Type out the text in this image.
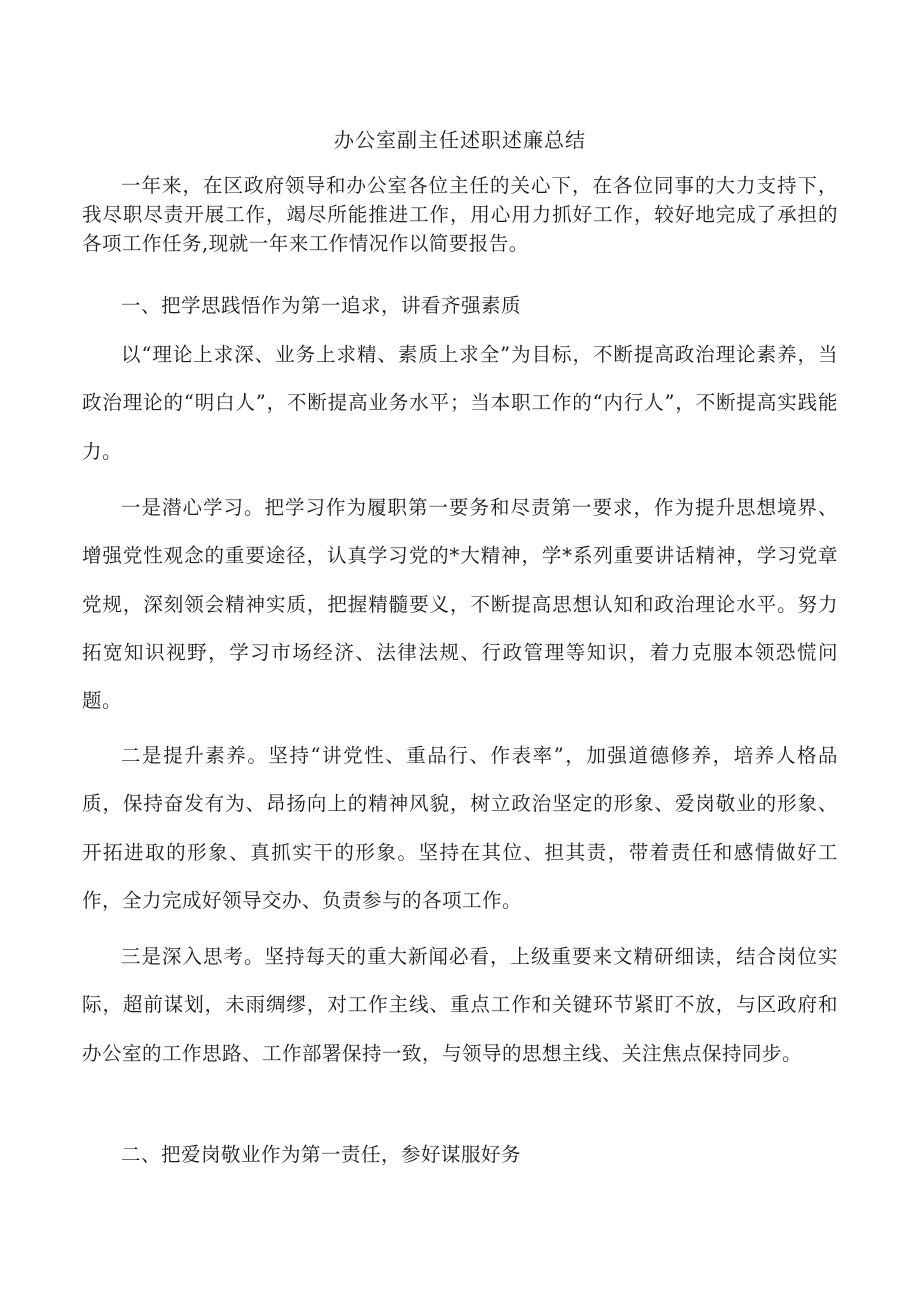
办公室副主任述职述廉总结

一年来，在区政府领导和办公室各位主任的关心下，在各位同事的大力支持下，我尽职尽责开展工作，竭尽所能推进工作，用心用力抓好工作，较好地完成了承担的各项工作任务,现就一年来工作情况作以简要报告。

一、把学思践悟作为第一追求，讲看齐强素质

以“理论上求深、业务上求精、素质上求全”为目标，不断提高政治理论素养，当政治理论的“明白人”，不断提高业务水平；当本职工作的“内行人”，不断提高实践能力。

一是潜心学习。把学习作为履职第一要务和尽责第一要求，作为提升思想境界、增强党性观念的重要途径，认真学习党的*大精神，学*系列重要讲话精神，学习党章党规，深刻领会精神实质，把握精髓要义，不断提高思想认知和政治理论水平。努力拓宽知识视野，学习市场经济、法律法规、行政管理等知识，着力克服本领恐慌问题。

二是提升素养。坚持“讲党性、重品行、作表率”，加强道德修养，培养人格品质，保持奋发有为、昂扬向上的精神风貌，树立政治坚定的形象、爱岗敬业的形象、开拓进取的形象、真抓实干的形象。坚持在其位、担其责，带着责任和感情做好工作，全力完成好领导交办、负责参与的各项工作。

三是深入思考。坚持每天的重大新闻必看，上级重要来文精研细读，结合岗位实际，超前谋划，未雨绸缪，对工作主线、重点工作和关键环节紧盯不放，与区政府和办公室的工作思路、工作部署保持一致，与领导的思想主线、关注焦点保持同步。

二、把爱岗敬业作为第一责任，参好谋服好务
